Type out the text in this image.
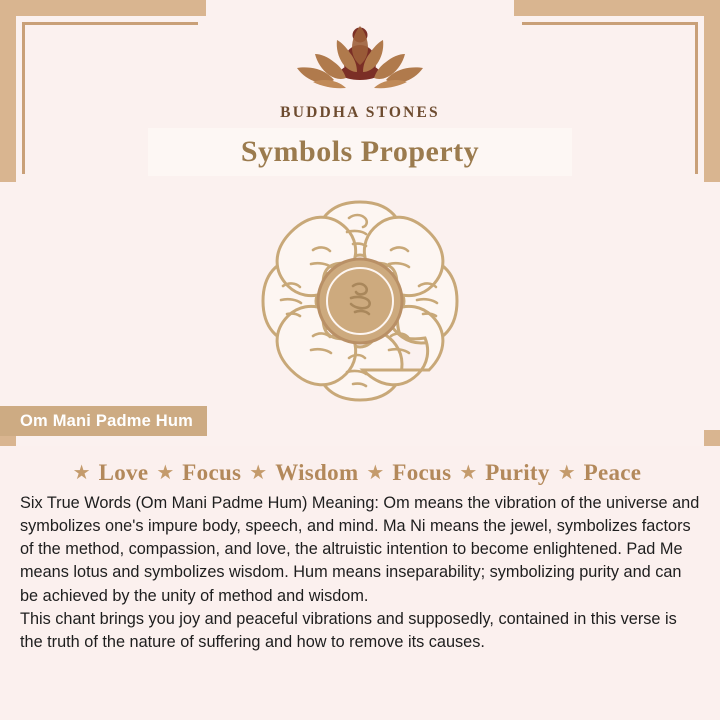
BUDDHA STONES
Symbols Property
Om Mani Padme Hum
★ Love ★ Focus ★ Wisdom ★ Focus ★ Purity ★ Peace

Six True Words (Om Mani Padme Hum) Meaning: Om means the vibration of the universe and symbolizes one's impure body, speech, and mind. Ma Ni means the jewel, symbolizes factors of the method, compassion, and love, the altruistic intention to become enlightened. Pad Me means lotus and symbolizes wisdom. Hum means inseparability; symbolizing purity and can be achieved by the unity of method and wisdom.

This chant brings you joy and peaceful vibrations and supposedly, contained in this verse is the truth of the nature of suffering and how to remove its causes.
